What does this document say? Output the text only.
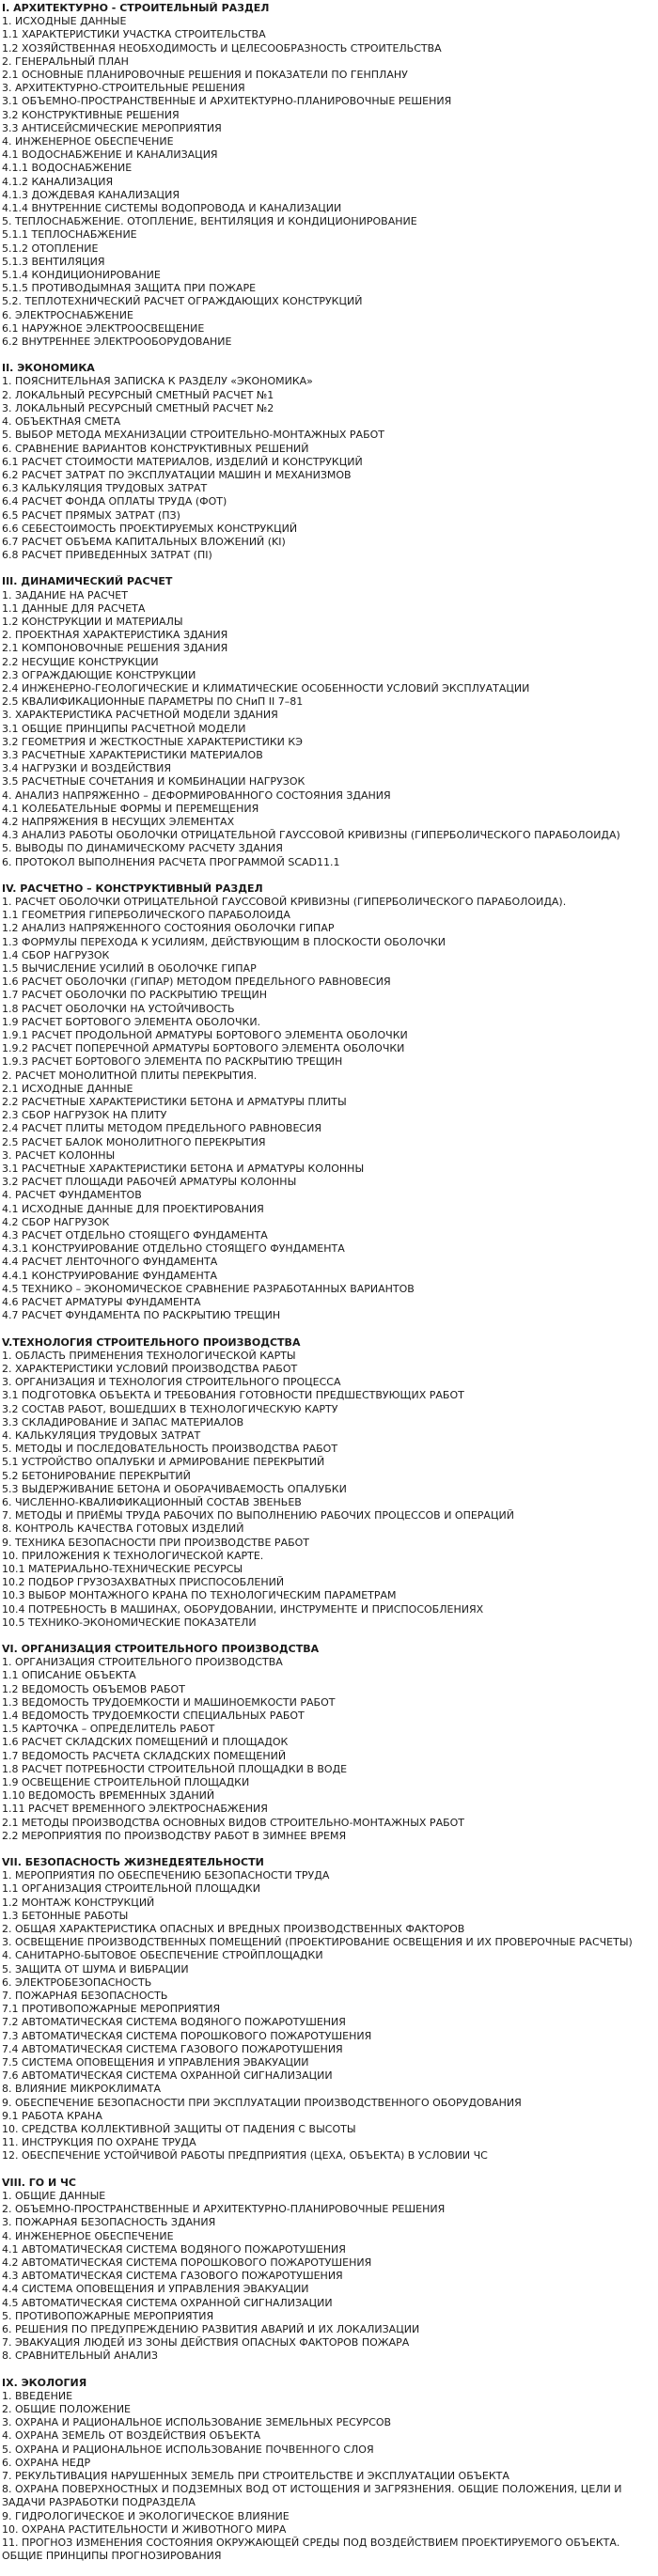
I. АРХИТЕКТУРНО - СТРОИТЕЛЬНЫЙ РАЗДЕЛ
1. ИСХОДНЫЕ ДАННЫЕ
1.1 ХАРАКТЕРИСТИКИ УЧАСТКА СТРОИТЕЛЬСТВА
1.2 ХОЗЯЙСТВЕННАЯ НЕОБХОДИМОСТЬ И ЦЕЛЕСООБРАЗНОСТЬ СТРОИТЕЛЬСТВА
2. ГЕНЕРАЛЬНЫЙ ПЛАН
2.1 ОСНОВНЫЕ ПЛАНИРОВОЧНЫЕ РЕШЕНИЯ И ПОКАЗАТЕЛИ ПО ГЕНПЛАНУ
3. АРХИТЕКТУРНО-СТРОИТЕЛЬНЫЕ РЕШЕНИЯ
3.1 ОБЪЕМНО-ПРОСТРАНСТВЕННЫЕ И АРХИТЕКТУРНО-ПЛАНИРОВОЧНЫЕ РЕШЕНИЯ
3.2 КОНСТРУКТИВНЫЕ РЕШЕНИЯ
3.3 АНТИСЕЙСМИЧЕСКИЕ МЕРОПРИЯТИЯ
4. ИНЖЕНЕРНОЕ ОБЕСПЕЧЕНИЕ
4.1 ВОДОСНАБЖЕНИЕ И КАНАЛИЗАЦИЯ
4.1.1 ВОДОСНАБЖЕНИЕ
4.1.2 КАНАЛИЗАЦИЯ
4.1.3 ДОЖДЕВАЯ КАНАЛИЗАЦИЯ
4.1.4 ВНУТРЕННИЕ СИСТЕМЫ ВОДОПРОВОДА И КАНАЛИЗАЦИИ
5. ТЕПЛОСНАБЖЕНИЕ. ОТОПЛЕНИЕ, ВЕНТИЛЯЦИЯ И КОНДИЦИОНИРОВАНИЕ
5.1.1 ТЕПЛОСНАБЖЕНИЕ
5.1.2 ОТОПЛЕНИЕ
5.1.3 ВЕНТИЛЯЦИЯ
5.1.4 КОНДИЦИОНИРОВАНИЕ
5.1.5 ПРОТИВОДЫМНАЯ ЗАЩИТА ПРИ ПОЖАРЕ
5.2. ТЕПЛОТЕХНИЧЕСКИЙ РАСЧЕТ ОГРАЖДАЮЩИХ КОНСТРУКЦИЙ
6. ЭЛЕКТРОСНАБЖЕНИЕ
6.1 НАРУЖНОЕ ЭЛЕКТРООСВЕЩЕНИЕ
6.2 ВНУТРЕННЕЕ ЭЛЕКТРООБОРУДОВАНИЕ
II. ЭКОНОМИКА
1. ПОЯСНИТЕЛЬНАЯ ЗАПИСКА К РАЗДЕЛУ «ЭКОНОМИКА»
2. ЛОКАЛЬНЫЙ РЕСУРСНЫЙ СМЕТНЫЙ РАСЧЕТ №1
3. ЛОКАЛЬНЫЙ РЕСУРСНЫЙ СМЕТНЫЙ РАСЧЕТ №2
4. ОБЪЕКТНАЯ СМЕТА
5. ВЫБОР МЕТОДА МЕХАНИЗАЦИИ СТРОИТЕЛЬНО-МОНТАЖНЫХ РАБОТ
6. СРАВНЕНИЕ ВАРИАНТОВ КОНСТРУКТИВНЫХ РЕШЕНИЙ
6.1 РАСЧЕТ СТОИМОСТИ МАТЕРИАЛОВ, ИЗДЕЛИЙ И КОНСТРУКЦИЙ
6.2 РАСЧЕТ ЗАТРАТ ПО ЭКСПЛУАТАЦИИ МАШИН И МЕХАНИЗМОВ
6.3 КАЛЬКУЛЯЦИЯ ТРУДОВЫХ ЗАТРАТ
6.4 РАСЧЕТ ФОНДА ОПЛАТЫ ТРУДА (ФОТ)
6.5 РАСЧЕТ ПРЯМЫХ ЗАТРАТ (ПЗ)
6.6 СЕБЕСТОИМОСТЬ ПРОЕКТИРУЕМЫХ КОНСТРУКЦИЙ
6.7 РАСЧЕТ ОБЪЕМА КАПИТАЛЬНЫХ ВЛОЖЕНИЙ (KI)
6.8 РАСЧЕТ ПРИВЕДЕННЫХ ЗАТРАТ (ПI)
III. ДИНАМИЧЕСКИЙ РАСЧЕТ
1. ЗАДАНИЕ НА РАСЧЕТ
1.1 ДАННЫЕ ДЛЯ РАСЧЕТА
1.2 КОНСТРУКЦИИ И МАТЕРИАЛЫ
2. ПРОЕКТНАЯ ХАРАКТЕРИСТИКА ЗДАНИЯ
2.1 КОМПОНОВОЧНЫЕ РЕШЕНИЯ ЗДАНИЯ
2.2 НЕСУЩИЕ КОНСТРУКЦИИ
2.3 ОГРАЖДАЮЩИЕ КОНСТРУКЦИИ
2.4 ИНЖЕНЕРНО-ГЕОЛОГИЧЕСКИЕ И КЛИМАТИЧЕСКИЕ ОСОБЕННОСТИ УСЛОВИЙ ЭКСПЛУАТАЦИИ
2.5 КВАЛИФИКАЦИОННЫЕ ПАРАМЕТРЫ ПО СНиП II 7–81
3. ХАРАКТЕРИСТИКА РАСЧЕТНОЙ МОДЕЛИ ЗДАНИЯ
3.1 ОБЩИЕ ПРИНЦИПЫ РАСЧЕТНОЙ МОДЕЛИ
3.2 ГЕОМЕТРИЯ И ЖЕСТКОСТНЫЕ ХАРАКТЕРИСТИКИ КЭ
3.3 РАСЧЕТНЫЕ ХАРАКТЕРИСТИКИ МАТЕРИАЛОВ
3.4 НАГРУЗКИ И ВОЗДЕЙСТВИЯ
3.5 РАСЧЕТНЫЕ СОЧЕТАНИЯ И КОМБИНАЦИИ НАГРУЗОК
4. АНАЛИЗ НАПРЯЖЕННО – ДЕФОРМИРОВАННОГО СОСТОЯНИЯ ЗДАНИЯ
4.1 КОЛЕБАТЕЛЬНЫЕ ФОРМЫ И ПЕРЕМЕЩЕНИЯ
4.2 НАПРЯЖЕНИЯ В НЕСУЩИХ ЭЛЕМЕНТАХ
4.3 АНАЛИЗ РАБОТЫ ОБОЛОЧКИ ОТРИЦАТЕЛЬНОЙ ГАУССОВОЙ КРИВИЗНЫ (ГИПЕРБОЛИЧЕСКОГО ПАРАБОЛОИДА)
5. ВЫВОДЫ ПО ДИНАМИЧЕСКОМУ РАСЧЕТУ ЗДАНИЯ
6. ПРОТОКОЛ ВЫПОЛНЕНИЯ РАСЧЕТА ПРОГРАММОЙ SCAD11.1
IV. РАСЧЕТНО – КОНСТРУКТИВНЫЙ РАЗДЕЛ
1. РАСЧЕТ ОБОЛОЧКИ ОТРИЦАТЕЛЬНОЙ ГАУССОВОЙ КРИВИЗНЫ (ГИПЕРБОЛИЧЕСКОГО ПАРАБОЛОИДА).
1.1 ГЕОМЕТРИЯ ГИПЕРБОЛИЧЕСКОГО ПАРАБОЛОИДА
1.2 АНАЛИЗ НАПРЯЖЕННОГО СОСТОЯНИЯ ОБОЛОЧКИ ГИПАР
1.3 ФОРМУЛЫ ПЕРЕХОДА К УСИЛИЯМ, ДЕЙСТВУЮЩИМ В ПЛОСКОСТИ ОБОЛОЧКИ
1.4 СБОР НАГРУЗОК
1.5 ВЫЧИСЛЕНИЕ УСИЛИЙ В ОБОЛОЧКЕ ГИПАР
1.6 РАСЧЕТ ОБОЛОЧКИ (ГИПАР) МЕТОДОМ ПРЕДЕЛЬНОГО РАВНОВЕСИЯ
1.7 РАСЧЕТ ОБОЛОЧКИ ПО РАСКРЫТИЮ ТРЕЩИН
1.8 РАСЧЕТ ОБОЛОЧКИ НА УСТОЙЧИВОСТЬ
1.9 РАСЧЕТ БОРТОВОГО ЭЛЕМЕНТА ОБОЛОЧКИ.
1.9.1 РАСЧЕТ ПРОДОЛЬНОЙ АРМАТУРЫ БОРТОВОГО ЭЛЕМЕНТА ОБОЛОЧКИ
1.9.2 РАСЧЕТ ПОПЕРЕЧНОЙ АРМАТУРЫ БОРТОВОГО ЭЛЕМЕНТА ОБОЛОЧКИ
1.9.3 РАСЧЕТ БОРТОВОГО ЭЛЕМЕНТА ПО РАСКРЫТИЮ ТРЕЩИН
2. РАСЧЕТ МОНОЛИТНОЙ ПЛИТЫ ПЕРЕКРЫТИЯ.
2.1 ИСХОДНЫЕ ДАННЫЕ
2.2 РАСЧЕТНЫЕ ХАРАКТЕРИСТИКИ БЕТОНА И АРМАТУРЫ ПЛИТЫ
2.3 СБОР НАГРУЗОК НА ПЛИТУ
2.4 РАСЧЕТ ПЛИТЫ МЕТОДОМ ПРЕДЕЛЬНОГО РАВНОВЕСИЯ
2.5 РАСЧЕТ БАЛОК МОНОЛИТНОГО ПЕРЕКРЫТИЯ
3. РАСЧЕТ КОЛОННЫ
3.1 РАСЧЕТНЫЕ ХАРАКТЕРИСТИКИ БЕТОНА И АРМАТУРЫ КОЛОННЫ
3.2 РАСЧЕТ ПЛОЩАДИ РАБОЧЕЙ АРМАТУРЫ КОЛОННЫ
4. РАСЧЕТ ФУНДАМЕНТОВ
4.1 ИСХОДНЫЕ ДАННЫЕ ДЛЯ ПРОЕКТИРОВАНИЯ
4.2 СБОР НАГРУЗОК
4.3 РАСЧЕТ ОТДЕЛЬНО СТОЯЩЕГО ФУНДАМЕНТА
4.3.1 КОНСТРУИРОВАНИЕ ОТДЕЛЬНО СТОЯЩЕГО ФУНДАМЕНТА
4.4 РАСЧЕТ ЛЕНТОЧНОГО ФУНДАМЕНТА
4.4.1 КОНСТРУИРОВАНИЕ ФУНДАМЕНТА
4.5 ТЕХНИКО – ЭКОНОМИЧЕСКОЕ СРАВНЕНИЕ РАЗРАБОТАННЫХ ВАРИАНТОВ
4.6 РАСЧЕТ АРМАТУРЫ ФУНДАМЕНТА
4.7 РАСЧЕТ ФУНДАМЕНТА ПО РАСКРЫТИЮ ТРЕЩИН
V.ТЕХНОЛОГИЯ СТРОИТЕЛЬНОГО ПРОИЗВОДСТВА
1. ОБЛАСТЬ ПРИМЕНЕНИЯ ТЕХНОЛОГИЧЕСКОЙ КАРТЫ
2. ХАРАКТЕРИСТИКИ УСЛОВИЙ ПРОИЗВОДСТВА РАБОТ
3. ОРГАНИЗАЦИЯ И ТЕХНОЛОГИЯ СТРОИТЕЛЬНОГО ПРОЦЕССА
3.1 ПОДГОТОВКА ОБЪЕКТА И ТРЕБОВАНИЯ ГОТОВНОСТИ ПРЕДШЕСТВУЮЩИХ РАБОТ
3.2 СОСТАВ РАБОТ, ВОШЕДШИХ В ТЕХНОЛОГИЧЕСКУЮ КАРТУ
3.3 СКЛАДИРОВАНИЕ И ЗАПАС МАТЕРИАЛОВ
4. КАЛЬКУЛЯЦИЯ ТРУДОВЫХ ЗАТРАТ
5. МЕТОДЫ И ПОСЛЕДОВАТЕЛЬНОСТЬ ПРОИЗВОДСТВА РАБОТ
5.1 УСТРОЙСТВО ОПАЛУБКИ И АРМИРОВАНИЕ ПЕРЕКРЫТИЙ
5.2 БЕТОНИРОВАНИЕ ПЕРЕКРЫТИЙ
5.3 ВЫДЕРЖИВАНИЕ БЕТОНА И ОБОРАЧИВАЕМОСТЬ ОПАЛУБКИ
6. ЧИСЛЕННО-КВАЛИФИКАЦИОННЫЙ СОСТАВ ЗВЕНЬЕВ
7. МЕТОДЫ И ПРИЁМЫ ТРУДА РАБОЧИХ ПО ВЫПОЛНЕНИЮ РАБОЧИХ ПРОЦЕССОВ И ОПЕРАЦИЙ
8. КОНТРОЛЬ КАЧЕСТВА ГОТОВЫХ ИЗДЕЛИЙ
9. ТЕХНИКА БЕЗОПАСНОСТИ ПРИ ПРОИЗВОДСТВЕ РАБОТ
10. ПРИЛОЖЕНИЯ К ТЕХНОЛОГИЧЕСКОЙ КАРТЕ.
10.1 МАТЕРИАЛЬНО-ТЕХНИЧЕСКИЕ РЕСУРСЫ
10.2 ПОДБОР ГРУЗОЗАХВАТНЫХ ПРИСПОСОБЛЕНИЙ
10.3 ВЫБОР МОНТАЖНОГО КРАНА ПО ТЕХНОЛОГИЧЕСКИМ ПАРАМЕТРАМ
10.4 ПОТРЕБНОСТЬ В МАШИНАХ, ОБОРУДОВАНИИ, ИНСТРУМЕНТЕ И ПРИСПОСОБЛЕНИЯХ
10.5 ТЕХНИКО-ЭКОНОМИЧЕСКИЕ ПОКАЗАТЕЛИ
VI. ОРГАНИЗАЦИЯ СТРОИТЕЛЬНОГО ПРОИЗВОДСТВА
1. ОРГАНИЗАЦИЯ СТРОИТЕЛЬНОГО ПРОИЗВОДСТВА
1.1 ОПИСАНИЕ ОБЪЕКТА
1.2 ВЕДОМОСТЬ ОБЪЕМОВ РАБОТ
1.3 ВЕДОМОСТЬ ТРУДОЕМКОСТИ И МАШИНОЕМКОСТИ РАБОТ
1.4 ВЕДОМОСТЬ ТРУДОЕМКОСТИ СПЕЦИАЛЬНЫХ РАБОТ
1.5 КАРТОЧКА – ОПРЕДЕЛИТЕЛЬ РАБОТ
1.6 РАСЧЕТ СКЛАДСКИХ ПОМЕЩЕНИЙ И ПЛОЩАДОК
1.7 ВЕДОМОСТЬ РАСЧЕТА СКЛАДСКИХ ПОМЕЩЕНИЙ
1.8 РАСЧЕТ ПОТРЕБНОСТИ СТРОИТЕЛЬНОЙ ПЛОЩАДКИ В ВОДЕ
1.9 ОСВЕЩЕНИЕ СТРОИТЕЛЬНОЙ ПЛОЩАДКИ
1.10 ВЕДОМОСТЬ ВРЕМЕННЫХ ЗДАНИЙ
1.11 РАСЧЕТ ВРЕМЕННОГО ЭЛЕКТРОСНАБЖЕНИЯ
2.1 МЕТОДЫ ПРОИЗВОДСТВА ОСНОВНЫХ ВИДОВ СТРОИТЕЛЬНО-МОНТАЖНЫХ РАБОТ
2.2 МЕРОПРИЯТИЯ ПО ПРОИЗВОДСТВУ РАБОТ В ЗИМНЕЕ ВРЕМЯ
VII. БЕЗОПАСНОСТЬ ЖИЗНЕДЕЯТЕЛЬНОСТИ
1. МЕРОПРИЯТИЯ ПО ОБЕСПЕЧЕНИЮ БЕЗОПАСНОСТИ ТРУДА
1.1 ОРГАНИЗАЦИЯ СТРОИТЕЛЬНОЙ ПЛОЩАДКИ
1.2 МОНТАЖ КОНСТРУКЦИЙ
1.3 БЕТОННЫЕ РАБОТЫ
2. ОБЩАЯ ХАРАКТЕРИСТИКА ОПАСНЫХ И ВРЕДНЫХ ПРОИЗВОДСТВЕННЫХ ФАКТОРОВ
3. ОСВЕЩЕНИЕ ПРОИЗВОДСТВЕННЫХ ПОМЕЩЕНИЙ (ПРОЕКТИРОВАНИЕ ОСВЕЩЕНИЯ И ИХ ПРОВЕРОЧНЫЕ РАСЧЕТЫ)
4. САНИТАРНО-БЫТОВОЕ ОБЕСПЕЧЕНИЕ СТРОЙПЛОЩАДКИ
5. ЗАЩИТА ОТ ШУМА И ВИБРАЦИИ
6. ЭЛЕКТРОБЕЗОПАСНОСТЬ
7. ПОЖАРНАЯ БЕЗОПАСНОСТЬ
7.1 ПРОТИВОПОЖАРНЫЕ МЕРОПРИЯТИЯ
7.2 АВТОМАТИЧЕСКАЯ СИСТЕМА ВОДЯНОГО ПОЖАРОТУШЕНИЯ
7.3 АВТОМАТИЧЕСКАЯ СИСТЕМА ПОРОШКОВОГО ПОЖАРОТУШЕНИЯ
7.4 АВТОМАТИЧЕСКАЯ СИСТЕМА ГАЗОВОГО ПОЖАРОТУШЕНИЯ
7.5 СИСТЕМА ОПОВЕЩЕНИЯ И УПРАВЛЕНИЯ ЭВАКУАЦИИ
7.6 АВТОМАТИЧЕСКАЯ СИСТЕМА ОХРАННОЙ СИГНАЛИЗАЦИИ
8. ВЛИЯНИЕ МИКРОКЛИМАТА
9. ОБЕСПЕЧЕНИЕ БЕЗОПАСНОСТИ ПРИ ЭКСПЛУАТАЦИИ ПРОИЗВОДСТВЕННОГО ОБОРУДОВАНИЯ
9.1 РАБОТА КРАНА
10. СРЕДСТВА КОЛЛЕКТИВНОЙ ЗАЩИТЫ ОТ ПАДЕНИЯ С ВЫСОТЫ
11. ИНСТРУКЦИЯ ПО ОХРАНЕ ТРУДА
12. ОБЕСПЕЧЕНИЕ УСТОЙЧИВОЙ РАБОТЫ ПРЕДПРИЯТИЯ (ЦЕХА, ОБЪЕКТА) В УСЛОВИИ ЧС
VIII. ГО И ЧС
1. ОБЩИЕ ДАННЫЕ
2. ОБЪЕМНО-ПРОСТРАНСТВЕННЫЕ И АРХИТЕКТУРНО-ПЛАНИРОВОЧНЫЕ РЕШЕНИЯ
3. ПОЖАРНАЯ БЕЗОПАСНОСТЬ ЗДАНИЯ
4. ИНЖЕНЕРНОЕ ОБЕСПЕЧЕНИЕ
4.1 АВТОМАТИЧЕСКАЯ СИСТЕМА ВОДЯНОГО ПОЖАРОТУШЕНИЯ
4.2 АВТОМАТИЧЕСКАЯ СИСТЕМА ПОРОШКОВОГО ПОЖАРОТУШЕНИЯ
4.3 АВТОМАТИЧЕСКАЯ СИСТЕМА ГАЗОВОГО ПОЖАРОТУШЕНИЯ
4.4 СИСТЕМА ОПОВЕЩЕНИЯ И УПРАВЛЕНИЯ ЭВАКУАЦИИ
4.5 АВТОМАТИЧЕСКАЯ СИСТЕМА ОХРАННОЙ СИГНАЛИЗАЦИИ
5. ПРОТИВОПОЖАРНЫЕ МЕРОПРИЯТИЯ
6. РЕШЕНИЯ ПО ПРЕДУПРЕЖДЕНИЮ РАЗВИТИЯ АВАРИЙ И ИХ ЛОКАЛИЗАЦИИ
7. ЭВАКУАЦИЯ ЛЮДЕЙ ИЗ ЗОНЫ ДЕЙСТВИЯ ОПАСНЫХ ФАКТОРОВ ПОЖАРА
8. СРАВНИТЕЛЬНЫЙ АНАЛИЗ
IX. ЭКОЛОГИЯ
1. ВВЕДЕНИЕ
2. ОБЩИЕ ПОЛОЖЕНИЕ
3. ОХРАНА И РАЦИОНАЛЬНОЕ ИСПОЛЬЗОВАНИЕ ЗЕМЕЛЬНЫХ РЕСУРСОВ
4. ОХРАНА ЗЕМЕЛЬ ОТ ВОЗДЕЙСТВИЯ ОБЪЕКТА
5. ОХРАНА И РАЦИОНАЛЬНОЕ ИСПОЛЬЗОВАНИЕ ПОЧВЕННОГО СЛОЯ
6. ОХРАНА НЕДР
7. РЕКУЛЬТИВАЦИЯ НАРУШЕННЫХ ЗЕМЕЛЬ ПРИ СТРОИТЕЛЬСТВЕ И ЭКСПЛУАТАЦИИ ОБЪЕКТА
8. ОХРАНА ПОВЕРХНОСТНЫХ И ПОДЗЕМНЫХ ВОД ОТ ИСТОЩЕНИЯ И ЗАГРЯЗНЕНИЯ. ОБЩИЕ ПОЛОЖЕНИЯ, ЦЕЛИ И ЗАДАЧИ РАЗРАБОТКИ ПОДРАЗДЕЛА
9. ГИДРОЛОГИЧЕСКОЕ И ЭКОЛОГИЧЕСКОЕ ВЛИЯНИЕ
10. ОХРАНА РАСТИТЕЛЬНОСТИ И ЖИВОТНОГО МИРА
11. ПРОГНОЗ ИЗМЕНЕНИЯ СОСТОЯНИЯ ОКРУЖАЮЩЕЙ СРЕДЫ ПОД ВОЗДЕЙСТВИЕМ ПРОЕКТИРУЕМОГО ОБЪЕКТА. ОБЩИЕ ПРИНЦИПЫ ПРОГНОЗИРОВАНИЯ
